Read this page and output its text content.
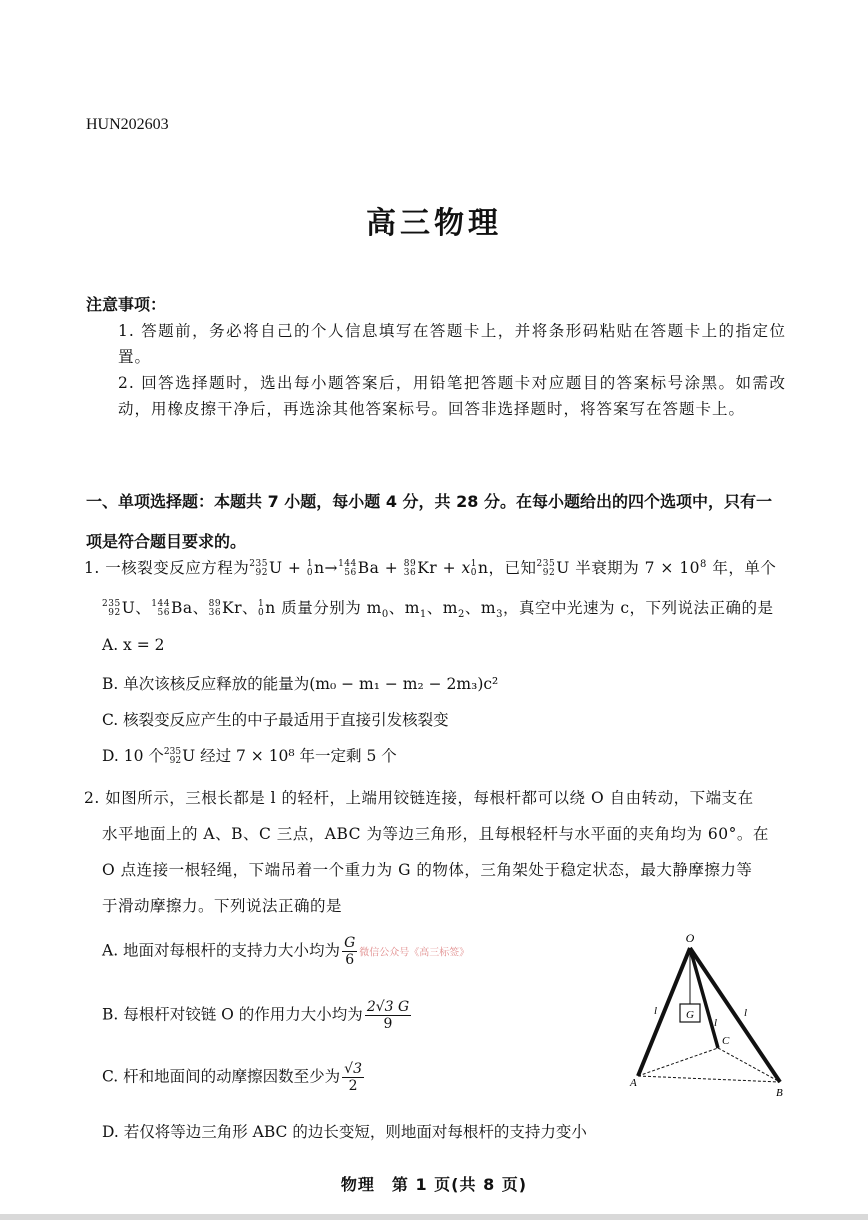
HUN202603
高三物理
注意事项：
1. 答题前，务必将自己的个人信息填写在答题卡上，并将条形码粘贴在答题卡上的指定位置。
2. 回答选择题时，选出每小题答案后，用铅笔把答题卡对应题目的答案标号涂黑。如需改动，用橡皮擦干净后，再选涂其他答案标号。回答非选择题时，将答案写在答题卡上。
一、单项选择题：本题共 7 小题，每小题 4 分，共 28 分。在每小题给出的四个选项中，只有一项是符合题目要求的。
1. 一核裂变反应方程为 235
92 U + 1
0 n→ 144
56 Ba + 89
36 Kr + x 1
0 n，已知 235
92 U 半衰期为 $7 \times 10^8$ 年，单个
235
92 U、 144
56 Ba、 89
36 Kr、 1
0 n 质量分别为 $m_0$、$m_1$、$m_2$、$m_3$，真空中光速为 c，下列说法正确的是
A. x = 2
B. 单次该核反应释放的能量为(m₀ − m₁ − m₂ − 2m₃)c²
C. 核裂变反应产生的中子最适用于直接引发核裂变
D. 10 个 235
92 U 经过 7 × 10⁸ 年一定剩 5 个
2. 如图所示，三根长都是 l 的轻杆，上端用铰链连接，每根杆都可以绕 O 自由转动，下端支在
水平地面上的 A、B、C 三点，ABC 为等边三角形，且每根轻杆与水平面的夹角均为 60°。在
O 点连接一根轻绳，下端吊着一个重力为 G 的物体，三角架处于稳定状态，最大静摩擦力等
于滑动摩擦力。下列说法正确的是
A. 地面对每根杆的支持力大小均为 $\frac{G}{6}$ 微信公众号《高三标签》
B. 每根杆对铰链 O 的作用力大小均为 $\frac{2√3 G}{9}$
C. 杆和地面间的动摩擦因数至少为 $\frac{√3}{2}$
D. 若仅将等边三角形 ABC 的边长变短，则地面对每根杆的支持力变小
O
A
B
C
G
l
l
l
物理　第 1 页(共 8 页)
